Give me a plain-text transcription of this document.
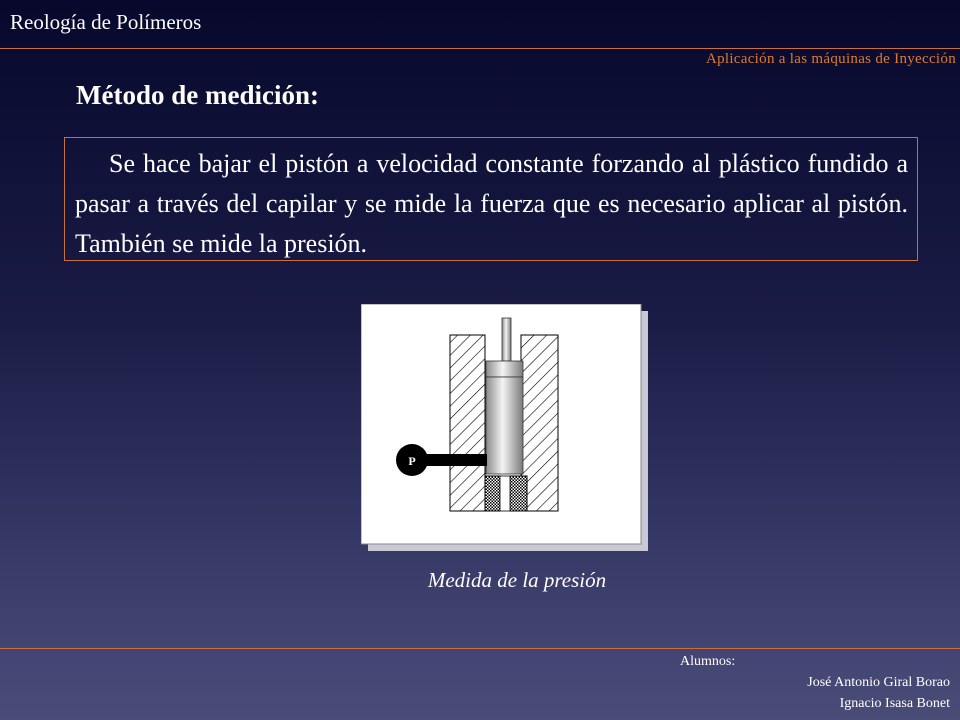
Reología de Polímeros
Aplicación a las máquinas de Inyección
Método de medición:

Se hace bajar el pistón a velocidad constante forzando al plástico fundido a pasar a través del capilar y se mide la fuerza que es necesario aplicar al pistón. También se mide la presión.

P
Medida de la presión
Alumnos:
José Antonio Giral Borao
Ignacio Isasa Bonet
